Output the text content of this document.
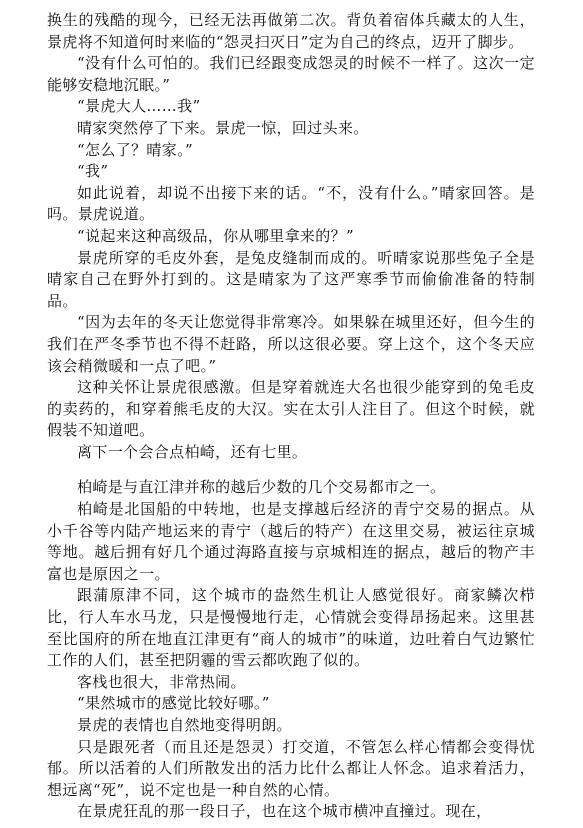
换生的残酷的现今，已经无法再做第二次。背负着宿体兵藏太的人生，景虎将不知道何时来临的“怨灵扫灭日”定为自己的终点，迈开了脚步。

“没有什么可怕的。我们已经跟变成怨灵的时候不一样了。这次一定能够安稳地沉眠。”

“景虎大人……我”

晴家突然停了下来。景虎一惊，回过头来。

“怎么了？晴家。”

“我”

如此说着，却说不出接下来的话。“不，没有什么。”晴家回答。是吗。景虎说道。

“说起来这种高级品，你从哪里拿来的？”

景虎所穿的毛皮外套，是兔皮缝制而成的。听晴家说那些兔子全是晴家自己在野外打到的。这是晴家为了这严寒季节而偷偷准备的特制品。

“因为去年的冬天让您觉得非常寒冷。如果躲在城里还好，但今生的我们在严冬季节也不得不赶路，所以这很必要。穿上这个，这个冬天应该会稍微暖和一点了吧。”

这种关怀让景虎很感激。但是穿着就连大名也很少能穿到的兔毛皮的卖药的，和穿着熊毛皮的大汉。实在太引人注目了。但这个时候，就假装不知道吧。

离下一个会合点柏崎，还有七里。

柏崎是与直江津并称的越后少数的几个交易都市之一。

柏崎是北国船的中转地，也是支撑越后经济的青宁交易的据点。从小千谷等内陆产地运来的青宁（越后的特产）在这里交易，被运往京城等地。越后拥有好几个通过海路直接与京城相连的据点，越后的物产丰富也是原因之一。

跟蒲原津不同，这个城市的盎然生机让人感觉很好。商家鳞次栉比，行人车水马龙，只是慢慢地行走，心情就会变得昂扬起来。这里甚至比国府的所在地直江津更有“商人的城市”的味道，边吐着白气边繁忙工作的人们，甚至把阴霾的雪云都吹跑了似的。

客栈也很大，非常热闹。

“果然城市的感觉比较好哪。”

景虎的表情也自然地变得明朗。

只是跟死者（而且还是怨灵）打交道，不管怎么样心情都会变得忧郁。所以活着的人们所散发出的活力比什么都让人怀念。追求着活力，想远离“死”，说不定也是一种自然的心情。

在景虎狂乱的那一段日子，也在这个城市横冲直撞过。现在，
